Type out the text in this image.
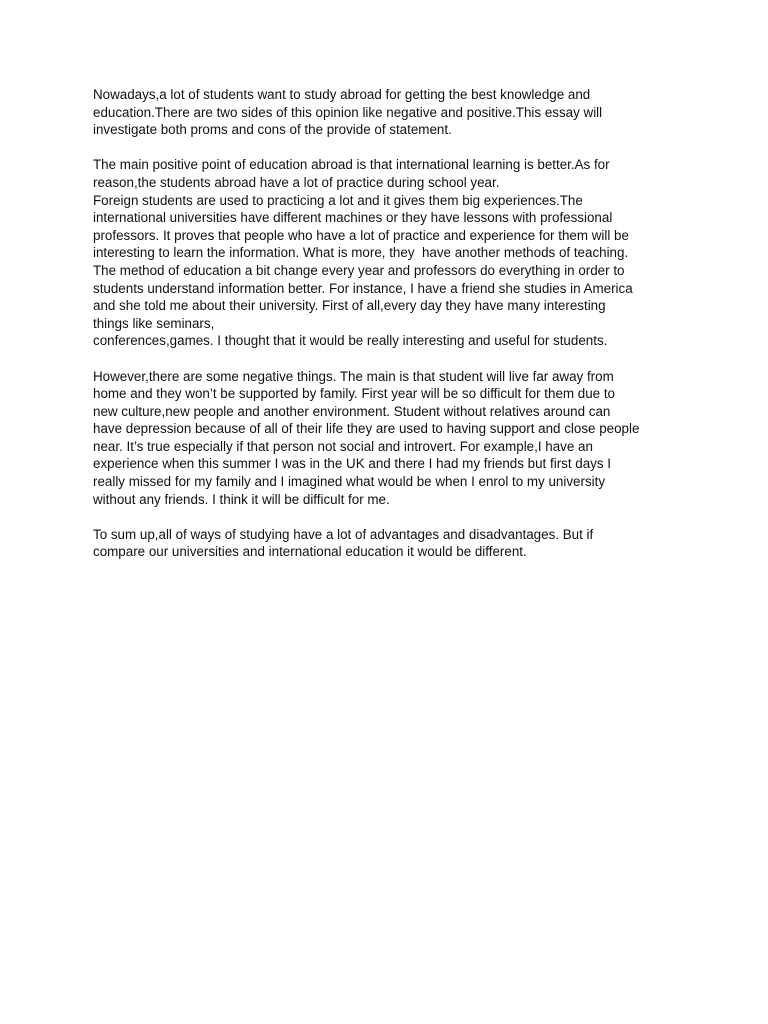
Nowadays,a lot of students want to study abroad for getting the best knowledge and
education.There are two sides of this opinion like negative and positive.This essay will
investigate both proms and cons of the provide of statement.

The main positive point of education abroad is that international learning is better.As for
reason,the students abroad have a lot of practice during school year.
Foreign students are used to practicing a lot and it gives them big experiences.The
international universities have different machines or they have lessons with professional
professors. It proves that people who have a lot of practice and experience for them will be
interesting to learn the information. What is more, they  have another methods of teaching.
The method of education a bit change every year and professors do everything in order to
students understand information better. For instance, I have a friend she studies in America
and she told me about their university. First of all,every day they have many interesting
things like seminars,
conferences,games. I thought that it would be really interesting and useful for students.

However,there are some negative things. The main is that student will live far away from
home and they won’t be supported by family. First year will be so difficult for them due to
new culture,new people and another environment. Student without relatives around can
have depression because of all of their life they are used to having support and close people
near. It’s true especially if that person not social and introvert. For example,I have an
experience when this summer I was in the UK and there I had my friends but first days I
really missed for my family and I imagined what would be when I enrol to my university
without any friends. I think it will be difficult for me.

To sum up,all of ways of studying have a lot of advantages and disadvantages. But if
compare our universities and international education it would be different.
